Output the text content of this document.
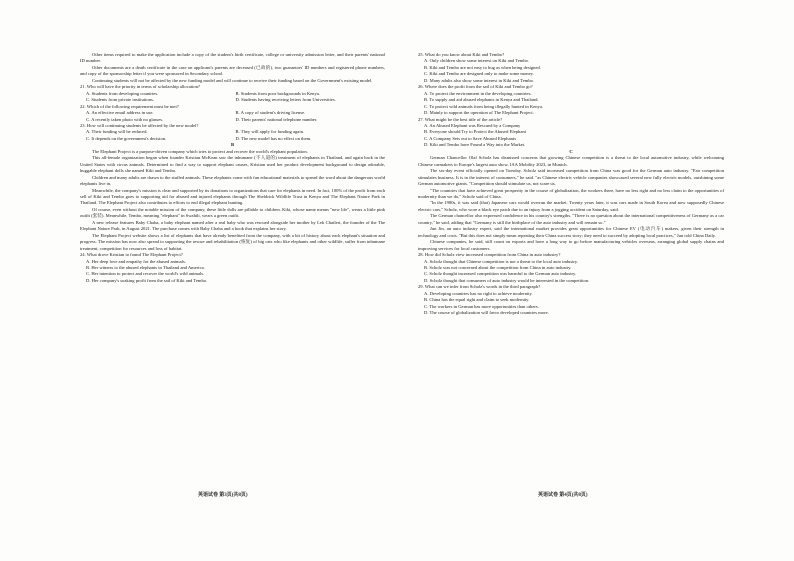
Other items required to make the application include a copy of the student's birth certificate, college or university admission letter, and their parents' national ID number.

Other documents are a death certificate in the case on applicant's parents are deceased (已故的), two guarantors' ID numbers and registered phone numbers, and copy of the sponsorship letter if you were sponsored in Secondary school.

Continuing students will not be affected by the new funding model and will continue to receive their funding based on the Government's existing model.

21. Who will have the priority in terms of scholarship allocation?

A. Students from developing countries.	B. Students from poor backgrounds in Kenya.
C. Students from private institutions.	D. Students having receiving letters from Universities.

22. Which of the following requirement must be met?

A. An effective email address in use.	B. A copy of student's driving license.
C. A recently taken photo with no glasses.	D. Their parents' national telephone number.

23. How will continuing students be affected by the new model?

A. Their funding will be reduced.	B. They will apply for funding again.
C. It depends on the government's decision.	D. The new model has no effect on them.

B

The Elephant Project is a purpose-driven company which tries to protect and recover the world's elephant population.

This all-female organization began when founder Kristian McKean saw the inhumane (不人道的) treatment of elephants in Thailand, and again back in the United States with circus animals. Determined to find a way to support elephant causes, Kristian used her product development background to design adorable, huggable elephant dolls she named Kiki and Tembo.

Children and many adults are drawn to the stuffed animals. These elephants come with fun educational materials to spread the word about the dangerous world elephants live in.

Meanwhile, the company's mission is clear and supported by its donations to organizations that care for elephants in need. In fact, 100% of the profit from each sell of Kiki and Tembo goes to supporting aid for abused and injured elephants through The Sheldrick Wildlife Trust in Kenya and The Elephant Nature Park in Thailand. The Elephant Project also contributes to efforts to end illegal elephant hunting.

Of course, even without the notable mission of the company, these little dolls are pillable to children. Kiki, whose name means "new life", wears a little pink outfit (套装). Meanwhile, Tembo, meaning "elephant" in Swahili, wears a green outfit.

A new release features Baby Chaba, a baby elephant named after a real baby who was rescued alongside her mother by Lek Chailert, the founder of the The Elephant Nature Park, in August 2021. The purchase comes with Baby Chaba and a book that explains her story.

The Elephant Project website shows a list of elephants that have already benefited from the company, with a bit of history about each elephant's situation and progress. The mission has now also spread to supporting the rescue and rehabilitation (恢复) of big cats who like elephants and other wildlife, suffer from inhumane treatment, competition for resources and loss of habitat.

24. What drove Kristian to found The Elephant Project?

A. Her deep love and empathy for the abused animals.

B. Her witness to the abused elephants in Thailand and America.

C. Her intention to protect and recover the world's wild animals.

D. Her company's soaking profit from the sail of Kiki and Tembo.

英语试卷 第3页(共8页)

25. What do you know about Kiki and Tembo?

A. Only children show some interest on Kiki and Tembo.

B. Kiki and Tembo are not easy to hug as when being designed.

C. Kiki and Tembo are designed only to make some money.

D. Many adults also show some interest in Kiki and Tembo.

26. Where does the profit from the sail of Kiki and Tembo go?

A. To protect the environment in the developing countries.

B. To supply and aid abused elephants in Kenya and Thailand.

C. To protect wild animals from being illegally hunted in Kenya.

D. Mainly to support the operation of The Elephant Project.

27. What might be the best title of the article?

A. An Abused Elephant was Rescued by a Company

B. Everyone should Try to Protect the Abused Elephant

C. A Company Sets out to Save Abused Elephants

D. Kiki and Tembo have Found a Way into the Market.

C

German Chancellor Olaf Scholz has dismissed concerns that growing Chinese competition is a threat to the local automotive industry, while welcoming Chinese carmakers to Europe's largest auto show, IAA Mobility 2023, in Munich.

The six-day event officially opened on Tuesday. Scholz said increased competition from China was good for the German auto industry. "Fair competition stimulates business. It is in the interest of consumers," he said. "as Chinese electric vehicle companies showcased several new fully electric models, outshining some German automotive giants. "Competition should stimulate us, not scare us.

"The countries that have achieved great prosperity in the course of globalization, the workers there, have no less right and no less claim to the opportunities of modernity than we do," Scholz said of China.

"In the 1980s, it was said (that) Japanese cars would overrun the market. Twenty years later, it was cars made in South Korea and now supposedly Chinese electric cars," Scholz, who wore a black eye patch due to an injury from a jogging accident on Saturday, said.

The German chancellor also expressed confidence in his country's strengths. "There is no question about the international competitiveness of Germany as a car country," he said, adding that "Germany is still the birthplace of the auto industry and will remain so."

Jun Jin, an auto industry expert, said the international market provides great opportunities for Chinese EV (电动汽车) makers, given their strength in technology and costs. "But this does not simply mean repeating their China success story; they need to succeed by adopting local practices," Jun told China Daily.

Chinese companies, he said, still count on exports and have a long way to go before manufacturing vehicles overseas, arranging global supply chains and improving services for local customers.

28. How did Scholz view increased competition from China in auto industry?

A. Scholz thought that Chinese competition is not a threat to the local auto industry.

B. Scholz was not concerned about the competition from China in auto industry.

C. Scholz thought increased competition was harmful to the German auto industry.

D. Scholz thought that consumers of auto industry would be interested in the competition.

29. What can we infer from Scholz's words in the third paragraph?

A. Developing countries has no right to achieve modernity.

B. China has the equal right and claim to seek modernity.

C. The workers in German has more opportunities than others.

D. The course of globalization will favor developed countries more.

英语试卷 第4页(共8页)
